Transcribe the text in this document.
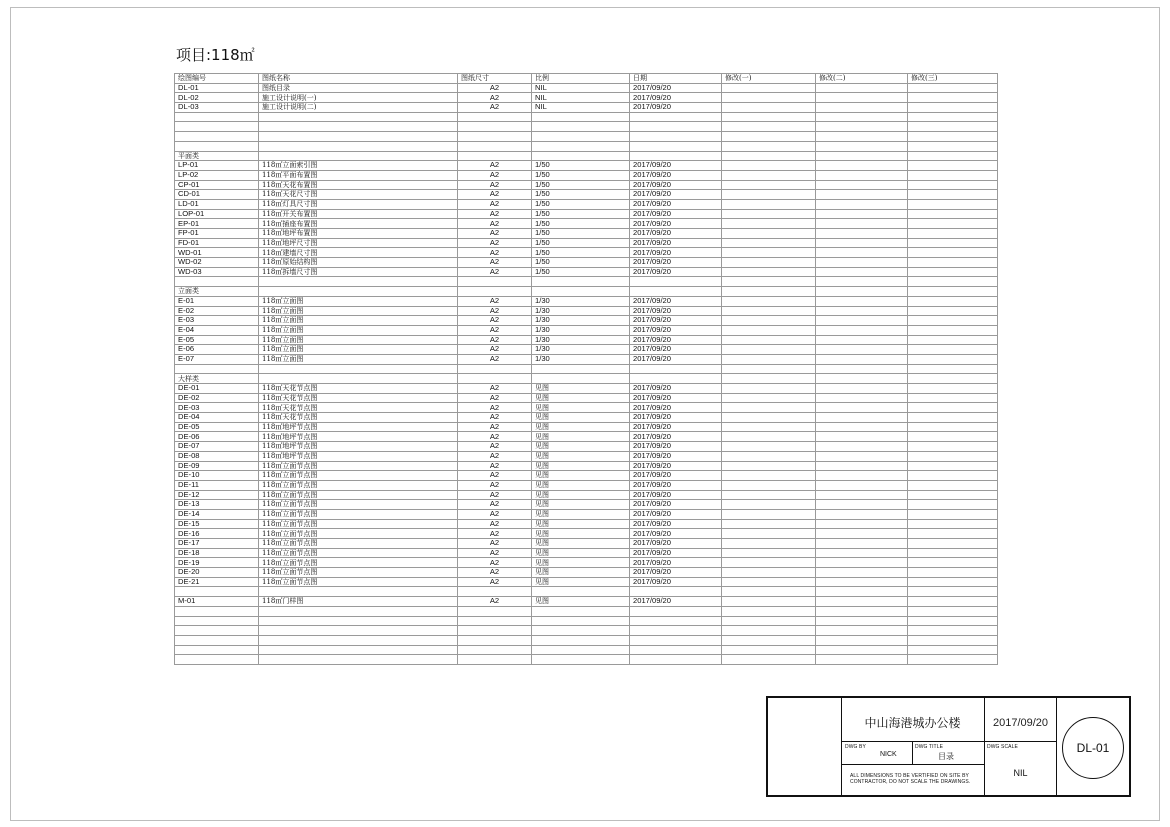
项目:118㎡
绘图编号	图纸名称	图纸尺寸	比例	日期	修改(一)	修改(二)	修改(三)
DL-01	图纸目录	A2	NIL	2017/09/20			
DL-02	施工设计说明(一)	A2	NIL	2017/09/20			
DL-03	施工设计说明(二)	A2	NIL	2017/09/20			

平面类							
LP-01	118㎡立面索引图	A2	1/50	2017/09/20			
LP-02	118㎡平面布置图	A2	1/50	2017/09/20			
CP-01	118㎡天花布置图	A2	1/50	2017/09/20			
CD-01	118㎡天花尺寸图	A2	1/50	2017/09/20			
LD-01	118㎡灯具尺寸图	A2	1/50	2017/09/20			
LOP-01	118㎡开关布置图	A2	1/50	2017/09/20			
EP-01	118㎡插座布置图	A2	1/50	2017/09/20			
FP-01	118㎡地坪布置图	A2	1/50	2017/09/20			
FD-01	118㎡地坪尺寸图	A2	1/50	2017/09/20			
WD-01	118㎡建墙尺寸图	A2	1/50	2017/09/20			
WD-02	118㎡原始结构图	A2	1/50	2017/09/20			
WD-03	118㎡拆墙尺寸图	A2	1/50	2017/09/20			

立面类							
E-01	118㎡立面图	A2	1/30	2017/09/20			
E-02	118㎡立面图	A2	1/30	2017/09/20			
E-03	118㎡立面图	A2	1/30	2017/09/20			
E-04	118㎡立面图	A2	1/30	2017/09/20			
E-05	118㎡立面图	A2	1/30	2017/09/20			
E-06	118㎡立面图	A2	1/30	2017/09/20			
E-07	118㎡立面图	A2	1/30	2017/09/20			

大样类							
DE-01	118㎡天花节点图	A2	见图	2017/09/20			
DE-02	118㎡天花节点图	A2	见图	2017/09/20			
DE-03	118㎡天花节点图	A2	见图	2017/09/20			
DE-04	118㎡天花节点图	A2	见图	2017/09/20			
DE-05	118㎡地坪节点图	A2	见图	2017/09/20			
DE-06	118㎡地坪节点图	A2	见图	2017/09/20			
DE-07	118㎡地坪节点图	A2	见图	2017/09/20			
DE-08	118㎡地坪节点图	A2	见图	2017/09/20			
DE-09	118㎡立面节点图	A2	见图	2017/09/20			
DE-10	118㎡立面节点图	A2	见图	2017/09/20			
DE-11	118㎡立面节点图	A2	见图	2017/09/20			
DE-12	118㎡立面节点图	A2	见图	2017/09/20			
DE-13	118㎡立面节点图	A2	见图	2017/09/20			
DE-14	118㎡立面节点图	A2	见图	2017/09/20			
DE-15	118㎡立面节点图	A2	见图	2017/09/20			
DE-16	118㎡立面节点图	A2	见图	2017/09/20			
DE-17	118㎡立面节点图	A2	见图	2017/09/20			
DE-18	118㎡立面节点图	A2	见图	2017/09/20			
DE-19	118㎡立面节点图	A2	见图	2017/09/20			
DE-20	118㎡立面节点图	A2	见图	2017/09/20			
DE-21	118㎡立面节点图	A2	见图	2017/09/20			

M-01	118㎡门样图	A2	见图	2017/09/20			

中山海港城办公楼	2017/09/20
DWG BY
NICK
DWG TITLE
目录
DWG SCALE
NIL
ALL DIMENSIONS TO BE VERTIFIED ON SITE BY
CONTRACTOR, DO NOT SCALE THE DRAWINGS.
DL-01
